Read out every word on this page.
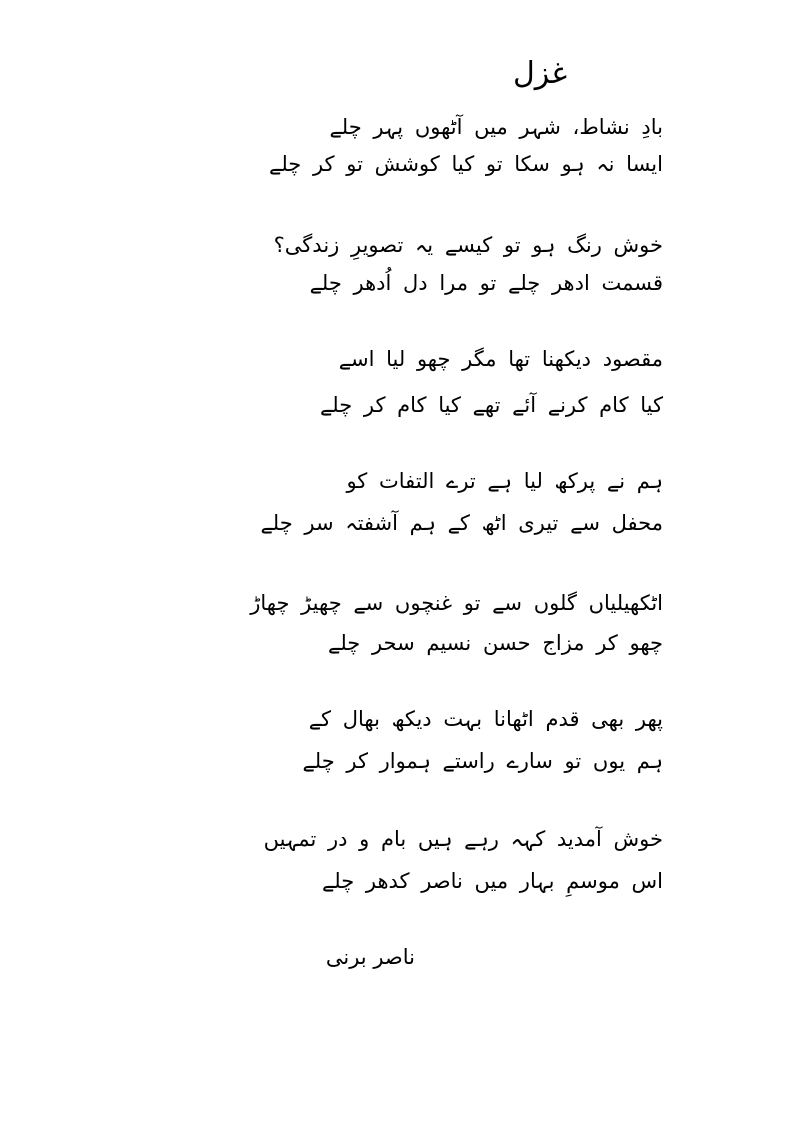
غزل
بادِ نشاط، شہر میں آٹھوں پہر چلے
ایسا نہ ہو سکا تو کیا کوشش تو کر چلے
خوش رنگ ہو تو کیسے یہ تصویرِ زندگی؟
قسمت ادھر چلے تو مرا دل اُدھر چلے
مقصود دیکھنا تھا مگر چھو لیا اسے
کیا کام کرنے آئے تھے کیا کام کر چلے
ہم نے پرکھ لیا ہے ترے التفات کو
محفل سے تیری اٹھ کے ہم آشفتہ سر چلے
اٹکھیلیاں گلوں سے تو غنچوں سے چھیڑ چھاڑ
چھو کر مزاج حسن نسیم سحر چلے
پھر بھی قدم اٹھانا بہت دیکھ بھال کے
ہم یوں تو سارے راستے ہموار کر چلے
خوش آمدید کہہ رہے ہیں بام و در تمہیں
اس موسمِ بہار میں ناصر کدھر چلے
ناصر برنی
